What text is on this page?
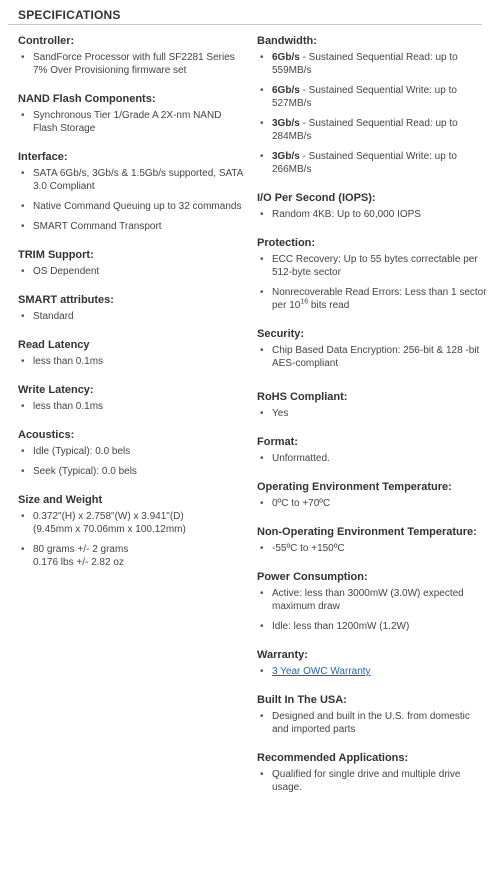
SPECIFICATIONS
Controller:
• SandForce Processor with full SF2281 Series 7% Over Provisioning firmware set
NAND Flash Components:
• Synchronous Tier 1/Grade A 2X-nm NAND Flash Storage
Interface:
• SATA 6Gb/s, 3Gb/s & 1.5Gb/s supported, SATA 3.0 Compliant
• Native Command Queuing up to 32 commands
• SMART Command Transport
TRIM Support:
• OS Dependent
SMART attributes:
• Standard
Read Latency
• less than 0.1ms
Write Latency:
• less than 0.1ms
Acoustics:
• Idle (Typical): 0.0 bels
• Seek (Typical): 0.0 bels
Size and Weight
• 0.372"(H) x 2.758"(W) x 3.941"(D)
(9.45mm x 70.06mm x 100.12mm)
• 80 grams +/- 2 grams
0.176 lbs +/- 2.82 oz
Bandwidth:
• 6Gb/s - Sustained Sequential Read: up to 559MB/s
• 6Gb/s - Sustained Sequential Write: up to 527MB/s
• 3Gb/s - Sustained Sequential Read: up to 284MB/s
• 3Gb/s - Sustained Sequential Write: up to 266MB/s
I/O Per Second (IOPS):
• Random 4KB: Up to 60,000 IOPS
Protection:
• ECC Recovery: Up to 55 bytes correctable per 512-byte sector
• Nonrecoverable Read Errors: Less than 1 sector per $10^{16}$ bits read
Security:
• Chip Based Data Encryption: 256-bit & 128 -bit AES-compliant
RoHS Compliant:
• Yes
Format:
• Unformatted.
Operating Environment Temperature:
• 0ºC to +70ºC
Non-Operating Environment Temperature:
• -55ºC to +150ºC
Power Consumption:
• Active: less than 3000mW (3.0W) expected maximum draw
• Idle: less than 1200mW (1.2W)
Warranty:
• 3 Year OWC Warranty
Built In The USA:
• Designed and built in the U.S. from domestic and imported parts
Recommended Applications:
• Qualified for single drive and multiple drive usage.
